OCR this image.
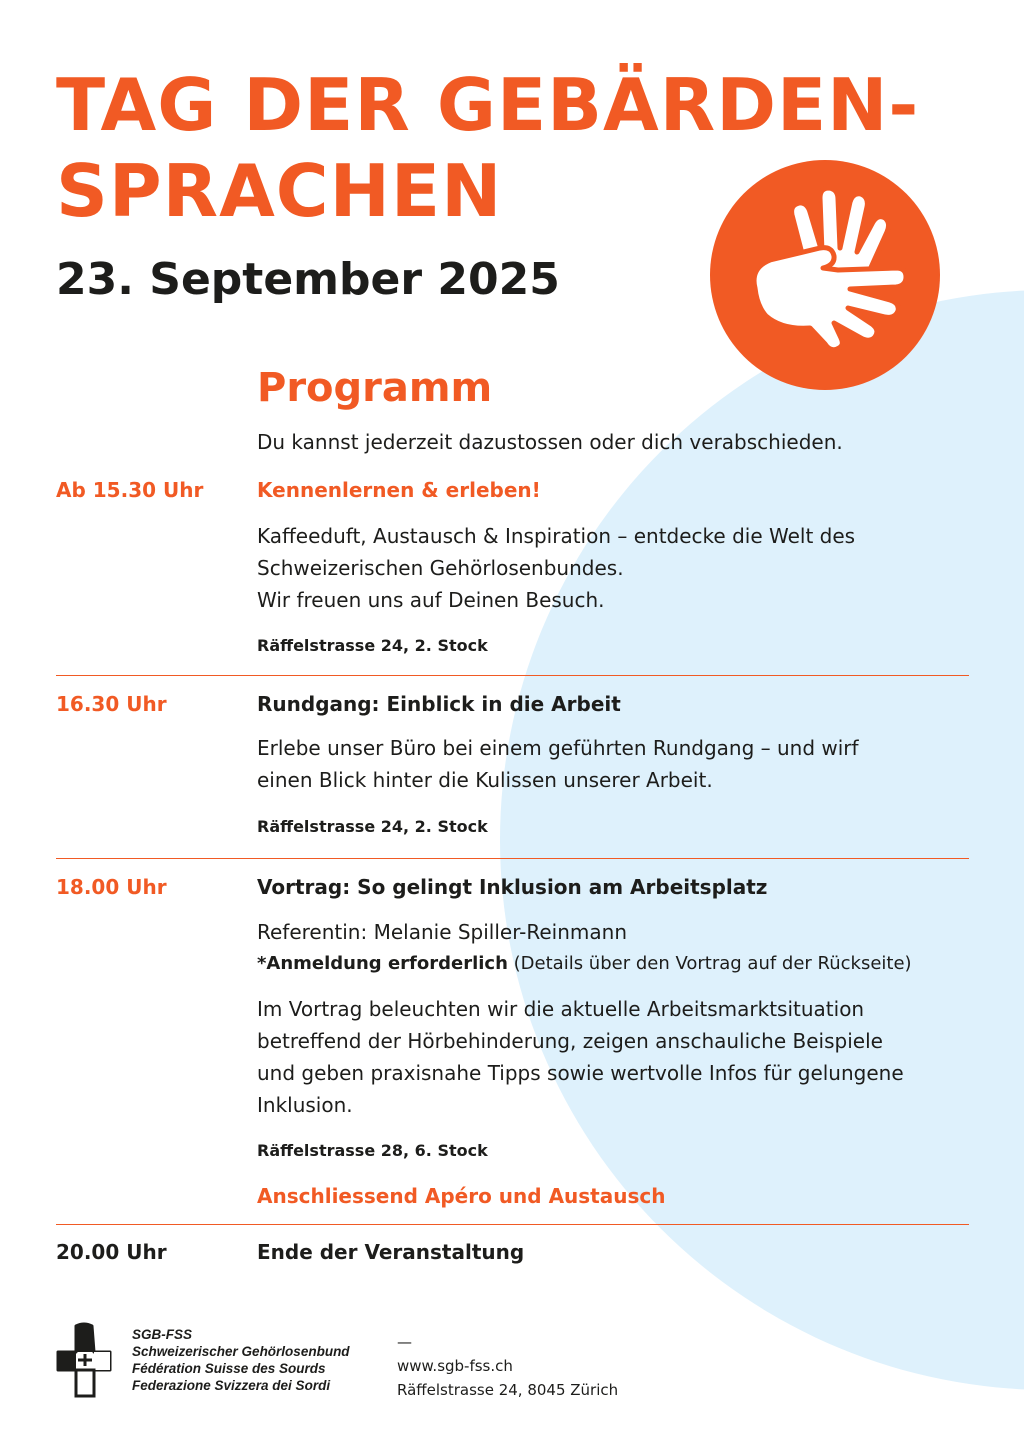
TAG DER GEBÄRDEN-
SPRACHEN
23. September 2025
Programm
Du kannst jederzeit dazustossen oder dich verabschieden.
Ab 15.30 Uhr	Kennenlernen & erleben!
Kaffeeduft, Austausch & Inspiration – entdecke die Welt des
Schweizerischen Gehörlosenbundes.
Wir freuen uns auf Deinen Besuch.
Räffelstrasse 24, 2. Stock
16.30 Uhr	Rundgang: Einblick in die Arbeit
Erlebe unser Büro bei einem geführten Rundgang – und wirf
einen Blick hinter die Kulissen unserer Arbeit.
Räffelstrasse 24, 2. Stock
18.00 Uhr	Vortrag: So gelingt Inklusion am Arbeitsplatz
Referentin: Melanie Spiller-Reinmann
*Anmeldung erforderlich (Details über den Vortrag auf der Rückseite)
Im Vortrag beleuchten wir die aktuelle Arbeitsmarktsituation
betreffend der Hörbehinderung, zeigen anschauliche Beispiele
und geben praxisnahe Tipps sowie wertvolle Infos für gelungene
Inklusion.
Räffelstrasse 28, 6. Stock
Anschliessend Apéro und Austausch
20.00 Uhr	Ende der Veranstaltung
SGB-FSS
Schweizerischer Gehörlosenbund
Fédération Suisse des Sourds
Federazione Svizzera dei Sordi
—
www.sgb-fss.ch
Räffelstrasse 24, 8045 Zürich
